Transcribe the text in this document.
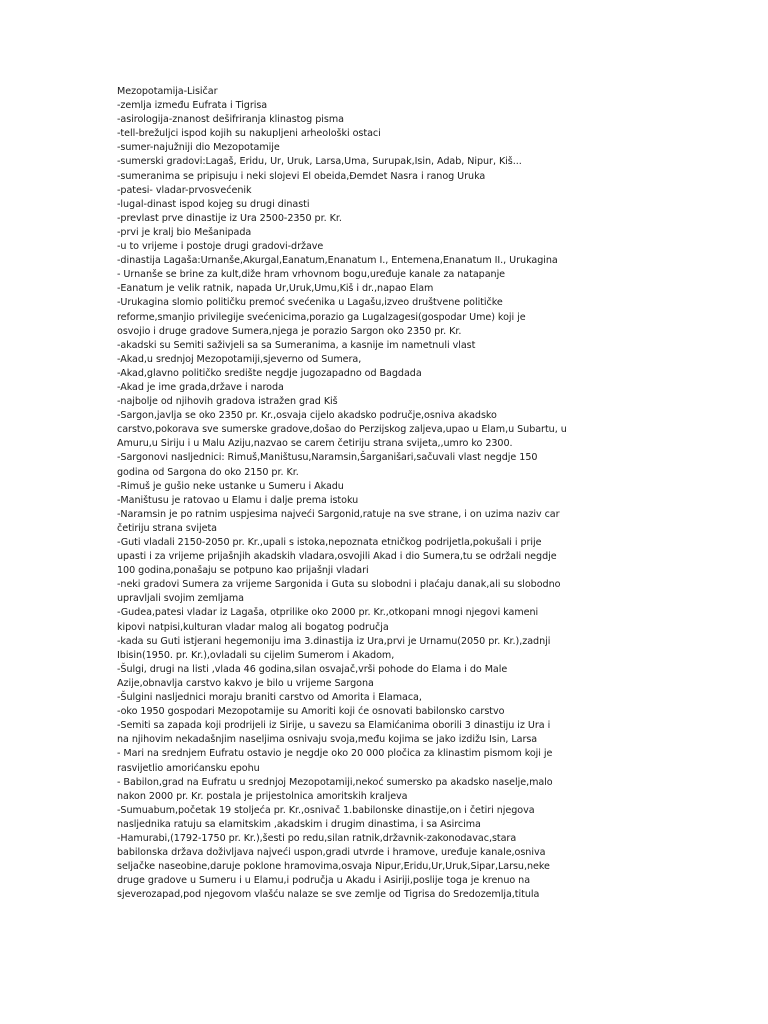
Mezopotamija-Lisičar
-zemlja između Eufrata i Tigrisa
-asirologija-znanost dešifriranja klinastog pisma
-tell-brežuljci ispod kojih su nakupljeni arheološki ostaci
-sumer-najužniji dio Mezopotamije
-sumerski gradovi:Lagaš, Eridu, Ur, Uruk, Larsa,Uma, Surupak,Isin, Adab, Nipur, Kiš...
-sumeranima se pripisuju i neki slojevi El obeida,Đemdet Nasra i ranog Uruka
-patesi- vladar-prvosvećenik
-lugal-dinast ispod kojeg su drugi dinasti
-prevlast prve dinastije iz Ura 2500-2350 pr. Kr.
-prvi je kralj bio Mešanipada
-u to vrijeme i postoje drugi gradovi-države
-dinastija Lagaša:Urnanše,Akurgal,Eanatum,Enanatum I., Entemena,Enanatum II., Urukagina
- Urnanše se brine za kult,diže hram vrhovnom bogu,uređuje kanale za natapanje
-Eanatum je velik ratnik, napada Ur,Uruk,Umu,Kiš i dr.,napao Elam
-Urukagina slomio političku premoć svećenika u Lagašu,izveo društvene političke
reforme,smanjio privilegije svećenicima,porazio ga Lugalzagesi(gospodar Ume) koji je
osvojio i druge gradove Sumera,njega je porazio Sargon oko 2350 pr. Kr.
-akadski su Semiti saživjeli sa sa Sumeranima, a kasnije im nametnuli vlast
-Akad,u srednjoj Mezopotamiji,sjeverno od Sumera,
-Akad,glavno političko središte negdje jugozapadno od Bagdada
-Akad je ime grada,države i naroda
-najbolje od njihovih gradova istražen grad Kiš
-Sargon,javlja se oko 2350 pr. Kr.,osvaja cijelo akadsko područje,osniva akadsko
carstvo,pokorava sve sumerske gradove,došao do Perzijskog zaljeva,upao u Elam,u Subartu, u
Amuru,u Siriju i u Malu Aziju,nazvao se carem četiriju strana svijeta,,umro ko 2300.
-Sargonovi nasljednici: Rimuš,Maništusu,Naramsin,Šarganišari,sačuvali vlast negdje 150
godina od Sargona do oko 2150 pr. Kr.
-Rimuš je gušio neke ustanke u Sumeru i Akadu
-Maništusu je ratovao u Elamu i dalje prema istoku
-Naramsin je po ratnim uspjesima najveći Sargonid,ratuje na sve strane, i on uzima naziv car
četiriju strana svijeta
-Guti vladali 2150-2050 pr. Kr.,upali s istoka,nepoznata etničkog podrijetla,pokušali i prije
upasti i za vrijeme prijašnjih akadskih vladara,osvojili Akad i dio Sumera,tu se održali negdje
100 godina,ponašaju se potpuno kao prijašnji vladari
-neki gradovi Sumera za vrijeme Sargonida i Guta su slobodni i plaćaju danak,ali su slobodno
upravljali svojim zemljama
-Gudea,patesi vladar iz Lagaša, otprilike oko 2000 pr. Kr.,otkopani mnogi njegovi kameni
kipovi natpisi,kulturan vladar malog ali bogatog područja
-kada su Guti istjerani hegemoniju ima 3.dinastija iz Ura,prvi je Urnamu(2050 pr. Kr.),zadnji
Ibisin(1950. pr. Kr.),ovladali su cijelim Sumerom i Akadom,
-Šulgi, drugi na listi ,vlada 46 godina,silan osvajač,vrši pohode do Elama i do Male
Azije,obnavlja carstvo kakvo je bilo u vrijeme Sargona
-Šulgini nasljednici moraju braniti carstvo od Amorita i Elamaca,
-oko 1950 gospodari Mezopotamije su Amoriti koji će osnovati babilonsko carstvo
-Semiti sa zapada koji prodrijeli iz Sirije, u savezu sa Elamićanima oborili 3 dinastiju iz Ura i
na njihovim nekadašnjim naseljima osnivaju svoja,među kojima se jako izdižu Isin, Larsa
- Mari na srednjem Eufratu ostavio je negdje oko 20 000 pločica za klinastim pismom koji je
rasvijetlio amorićansku epohu
- Babilon,grad na Eufratu u srednjoj Mezopotamiji,nekoć sumersko pa akadsko naselje,malo
nakon 2000 pr. Kr. postala je prijestolnica amoritskih kraljeva
-Sumuabum,početak 19 stoljeća pr. Kr.,osnivač 1.babilonske dinastije,on i četiri njegova
nasljednika ratuju sa elamitskim ,akadskim i drugim dinastima, i sa Asircima
-Hamurabi,(1792-1750 pr. Kr.),šesti po redu,silan ratnik,državnik-zakonodavac,stara
babilonska država doživljava najveći uspon,gradi utvrde i hramove, uređuje kanale,osniva
seljačke naseobine,daruje poklone hramovima,osvaja Nipur,Eridu,Ur,Uruk,Sipar,Larsu,neke
druge gradove u Sumeru i u Elamu,i područja u Akadu i Asiriji,poslije toga je krenuo na
sjeverozapad,pod njegovom vlašću nalaze se sve zemlje od Tigrisa do Sredozemlja,titula
